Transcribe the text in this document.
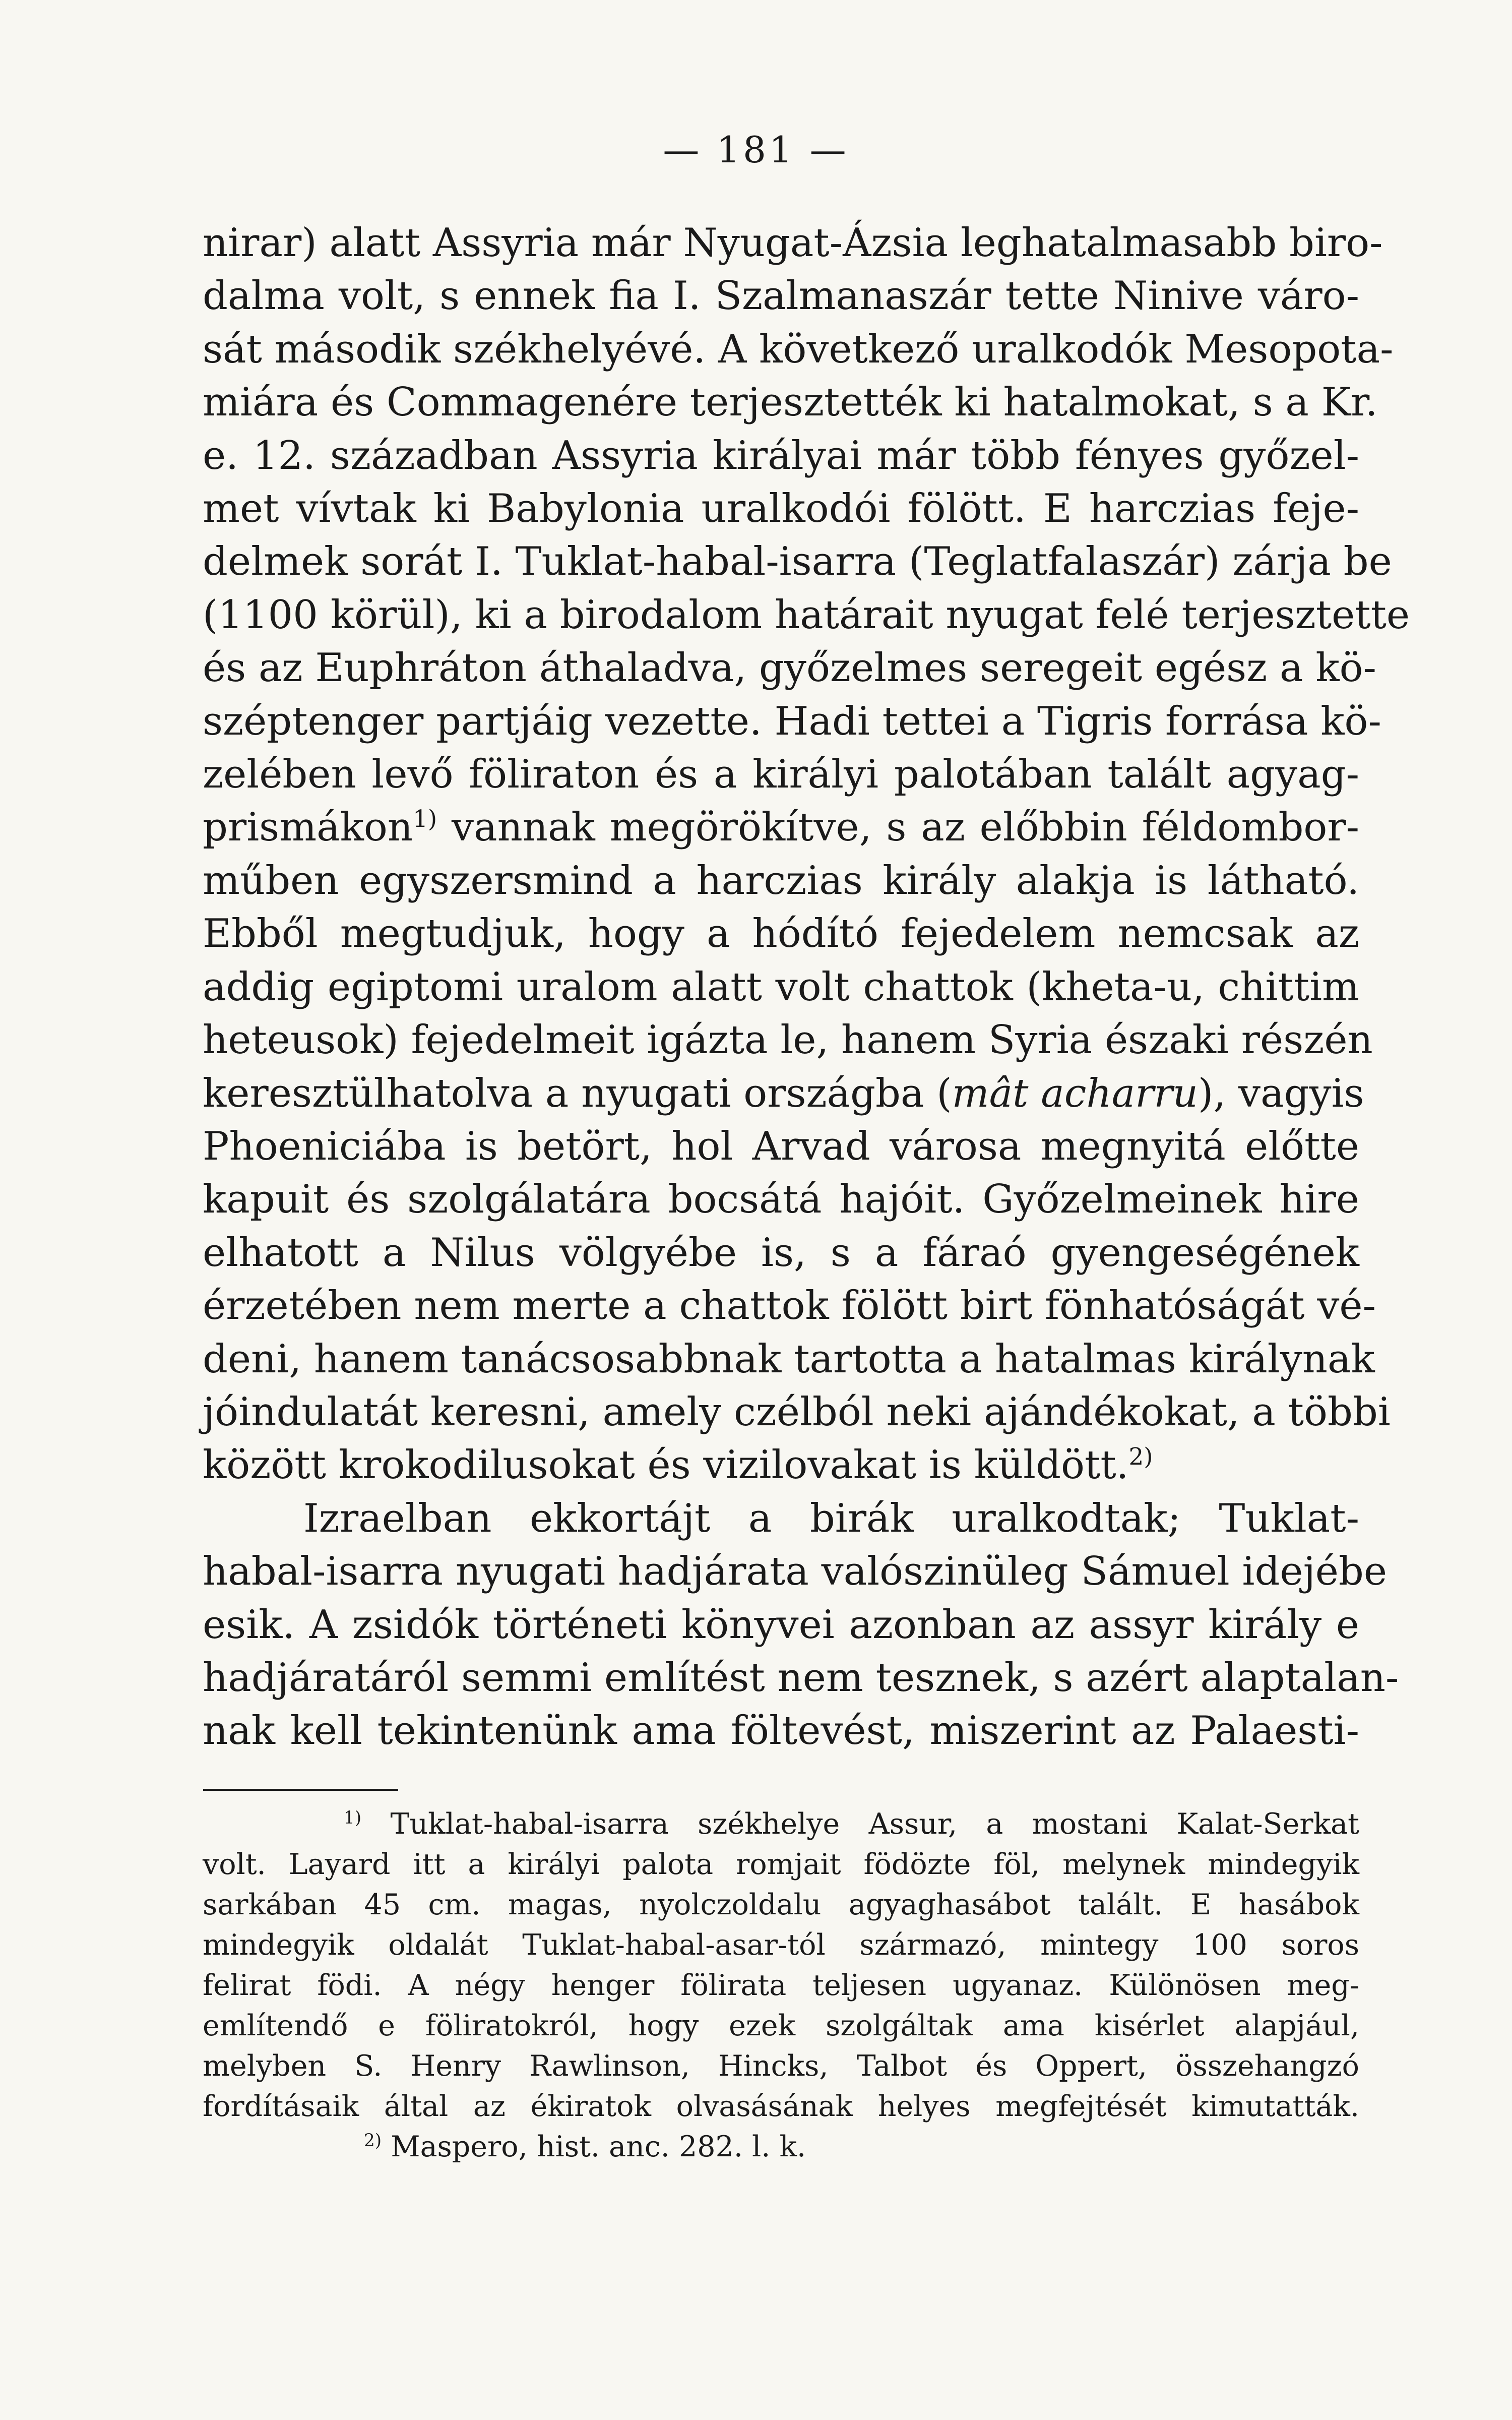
— 181 —
nirar) alatt Assyria már Nyugat-Ázsia leghatalmasabb biro-
dalma volt, s ennek fia I. Szalmanaszár tette Ninive váro-
sát második székhelyévé. A következő uralkodók Mesopota-
miára és Commagenére terjesztették ki hatalmokat, s a Kr.
e. 12. században Assyria királyai már több fényes győzel-
met vívtak ki Babylonia uralkodói fölött. E harczias feje-
delmek sorát I. Tuklat-habal-isarra (Teglatfalaszár) zárja be
(1100 körül), ki a birodalom határait nyugat felé terjesztette
és az Euphráton áthaladva, győzelmes seregeit egész a kö-
széptenger partjáig vezette. Hadi tettei a Tigris forrása kö-
zelében levő föliraton és a királyi palotában talált agyag-
prismákon$^{1)}$ vannak megörökítve, s az előbbin féldombor-
műben egyszersmind a harczias király alakja is látható.
Ebből megtudjuk, hogy a hódító fejedelem nemcsak az
addig egiptomi uralom alatt volt chattok (kheta-u, chittim
heteusok) fejedelmeit igázta le, hanem Syria északi részén
keresztülhatolva a nyugati országba (mât acharru), vagyis
Phoeniciába is betört, hol Arvad városa megnyitá előtte
kapuit és szolgálatára bocsátá hajóit. Győzelmeinek hire
elhatott a Nilus völgyébe is, s a fáraó gyengeségének
érzetében nem merte a chattok fölött birt fönhatóságát vé-
deni, hanem tanácsosabbnak tartotta a hatalmas királynak
jóindulatát keresni, amely czélból neki ajándékokat, a többi
között krokodilusokat és vizilovakat is küldött.$^{2)}$
Izraelban ekkortájt a birák uralkodtak; Tuklat-
habal-isarra nyugati hadjárata valószinüleg Sámuel idejébe
esik. A zsidók történeti könyvei azonban az assyr király e
hadjáratáról semmi említést nem tesznek, s azért alaptalan-
nak kell tekintenünk ama föltevést, miszerint az Palaesti-
$^{1)}$ Tuklat-habal-isarra székhelye Assur, a mostani Kalat-Serkat
volt. Layard itt a királyi palota romjait födözte föl, melynek mindegyik
sarkában 45 cm. magas, nyolczoldalu agyaghasábot talált. E hasábok
mindegyik oldalát Tuklat-habal-asar-tól származó, mintegy 100 soros
felirat födi. A négy henger fölirata teljesen ugyanaz. Különösen meg-
említendő e föliratokról, hogy ezek szolgáltak ama kisérlet alapjául,
melyben S. Henry Rawlinson, Hincks, Talbot és Oppert, összehangzó
fordításaik által az ékiratok olvasásának helyes megfejtését kimutatták.
$^{2)}$ Maspero, hist. anc. 282. l. k.
